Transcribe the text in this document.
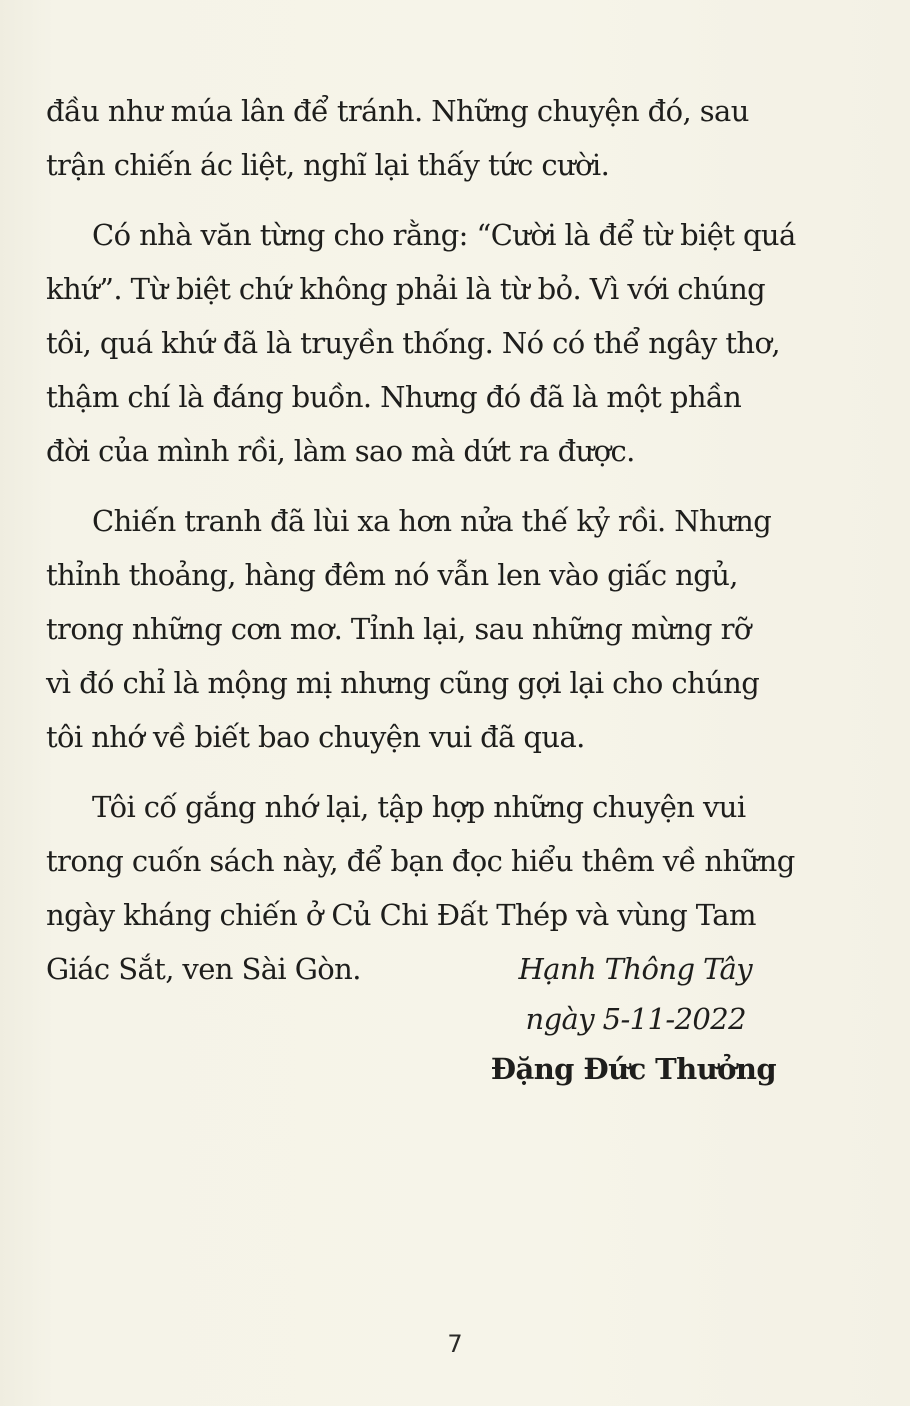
đầu như múa lân để tránh. Những chuyện đó, sau
trận chiến ác liệt, nghĩ lại thấy tức cười.

Có nhà văn từng cho rằng: “Cười là để từ biệt quá
khứ”. Từ biệt chứ không phải là từ bỏ. Vì với chúng
tôi, quá khứ đã là truyền thống. Nó có thể ngây thơ,
thậm chí là đáng buồn. Nhưng đó đã là một phần
đời của mình rồi, làm sao mà dứt ra được.

Chiến tranh đã lùi xa hơn nửa thế kỷ rồi. Nhưng
thỉnh thoảng, hàng đêm nó vẫn len vào giấc ngủ,
trong những cơn mơ. Tỉnh lại, sau những mừng rỡ
vì đó chỉ là mộng mị nhưng cũng gợi lại cho chúng
tôi nhớ về biết bao chuyện vui đã qua.

Tôi cố gắng nhớ lại, tập hợp những chuyện vui
trong cuốn sách này, để bạn đọc hiểu thêm về những
ngày kháng chiến ở Củ Chi Đất Thép và vùng Tam
Giác Sắt, ven Sài Gòn.	Hạnh Thông Tây
ngày 5-11-2022
Đặng Đức Thưởng
7
